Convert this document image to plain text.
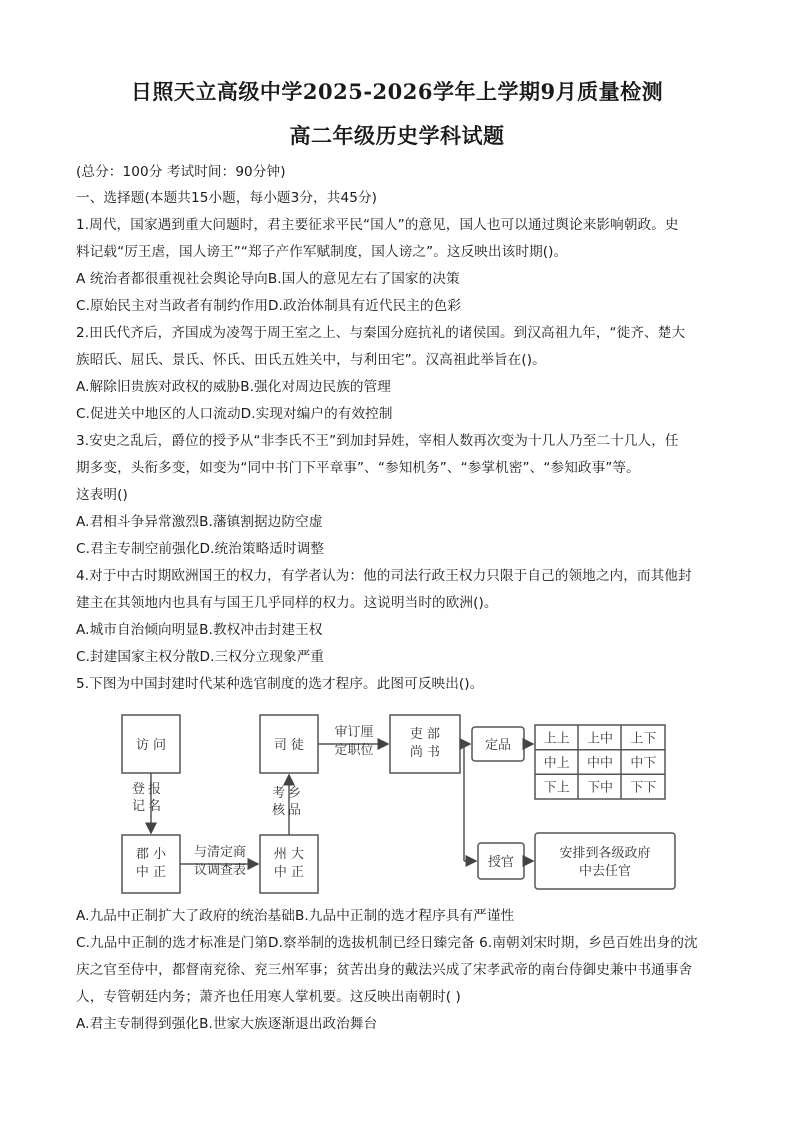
日照天立高级中学2025-2026学年上学期9月质量检测
高二年级历史学科试题
(总分：100分 考试时间：90分钟)
一、选择题(本题共15小题，每小题3分，共45分)
1.周代，国家遇到重大问题时，君主要征求平民“国人”的意见，国人也可以通过舆论来影响朝政。史
料记载“厉王虐，国人谤王”“郑子产作军赋制度，国人谤之”。这反映出该时期()。
A 统治者都很重视社会舆论导向B.国人的意见左右了国家的决策
C.原始民主对当政者有制约作用D.政治体制具有近代民主的色彩
2.田氏代齐后，齐国成为凌驾于周王室之上、与秦国分庭抗礼的诸侯国。到汉高祖九年，“徙齐、楚大
族昭氏、屈氏、景氏、怀氏、田氏五姓关中，与利田宅”。汉高祖此举旨在()。
A.解除旧贵族对政权的威胁B.强化对周边民族的管理
C.促进关中地区的人口流动D.实现对编户的有效控制
3.安史之乱后，爵位的授予从“非李氏不王”到加封异姓，宰相人数再次变为十几人乃至二十几人，任
期多变，头衔多变，如变为“同中书门下平章事”、“参知机务”、“参掌机密”、“参知政事”等。
这表明()
A.君相斗争异常激烈B.藩镇割据边防空虚
C.君主专制空前强化D.统治策略适时调整
4.对于中古时期欧洲国王的权力，有学者认为：他的司法行政王权力只限于自己的领地之内，而其他封
建主在其领地内也具有与国王几乎同样的权力。这说明当时的欧洲()。
A.城市自治倾向明显B.教权冲击封建王权
C.封建国家主权分散D.三权分立现象严重
5.下图为中国封建时代某种选官制度的选才程序。此图可反映出()。
访 问	司 徒	定品
授官
郡 小中 正
州 大中 正
吏 部尚 书
安排到各级政府中去任官
报名登记
与清定商议调查表
乡品考核
审订厘定职位
上上 上中 上下
中上 中中 中下
下上 下中 下下
A.九品中正制扩大了政府的统治基础B.九品中正制的选才程序具有严谨性
C.九品中正制的选才标准是门第D.察举制的选拔机制已经日臻完备 6.南朝刘宋时期，乡邑百姓出身的沈
庆之官至侍中，都督南兖徐、兖三州军事；贫苦出身的戴法兴成了宋孝武帝的南台侍御史兼中书通事舍
人，专管朝廷内务；萧齐也任用寒人掌机要。这反映出南朝时( )
A.君主专制得到强化B.世家大族逐渐退出政治舞台
